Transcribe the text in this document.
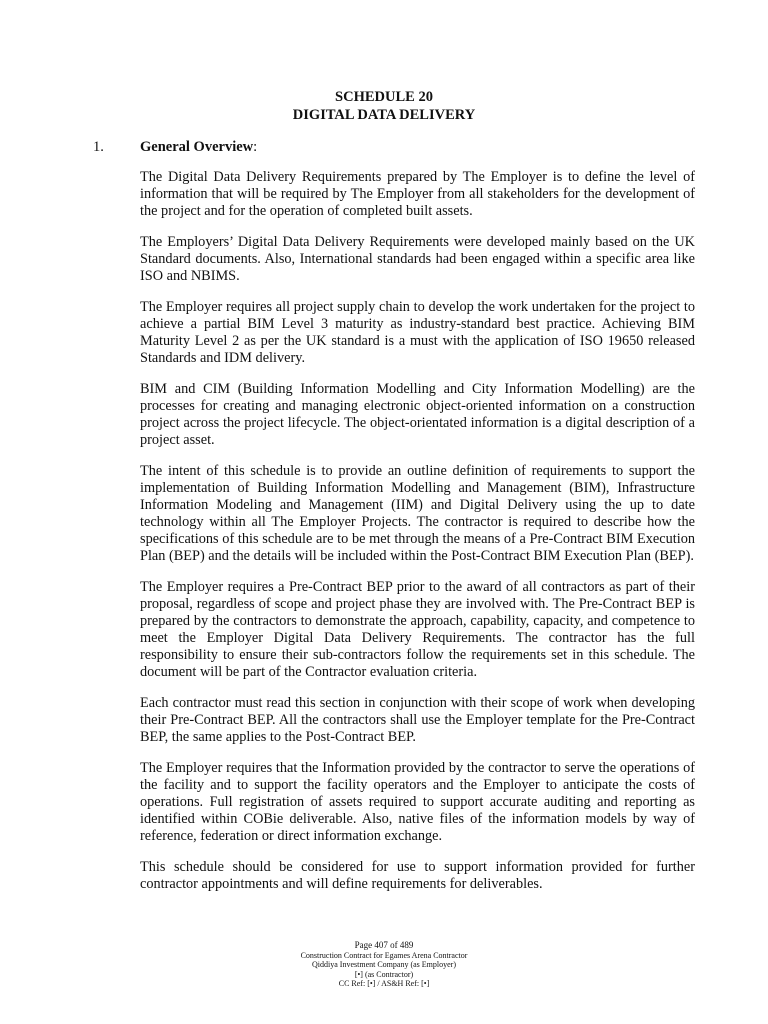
SCHEDULE 20
DIGITAL DATA DELIVERY
1. General Overview:

The Digital Data Delivery Requirements prepared by The Employer is to define the level of information that will be required by The Employer from all stakeholders for the development of the project and for the operation of completed built assets.

The Employers’ Digital Data Delivery Requirements were developed mainly based on the UK Standard documents. Also, International standards had been engaged within a specific area like ISO and NBIMS.

The Employer requires all project supply chain to develop the work undertaken for the project to achieve a partial BIM Level 3 maturity as industry-standard best practice. Achieving BIM Maturity Level 2 as per the UK standard is a must with the application of ISO 19650 released Standards and IDM delivery.

BIM and CIM (Building Information Modelling and City Information Modelling) are the processes for creating and managing electronic object-oriented information on a construction project across the project lifecycle. The object-orientated information is a digital description of a project asset.

The intent of this schedule is to provide an outline definition of requirements to support the implementation of Building Information Modelling and Management (BIM), Infrastructure Information Modeling and Management (IIM) and Digital Delivery using the up to date technology within all The Employer Projects. The contractor is required to describe how the specifications of this schedule are to be met through the means of a Pre-Contract BIM Execution Plan (BEP) and the details will be included within the Post-Contract BIM Execution Plan (BEP).

The Employer requires a Pre-Contract BEP prior to the award of all contractors as part of their proposal, regardless of scope and project phase they are involved with. The Pre-Contract BEP is prepared by the contractors to demonstrate the approach, capability, capacity, and competence to meet the Employer Digital Data Delivery Requirements. The contractor has the full responsibility to ensure their sub-contractors follow the requirements set in this schedule. The document will be part of the Contractor evaluation criteria.

Each contractor must read this section in conjunction with their scope of work when developing their Pre-Contract BEP. All the contractors shall use the Employer template for the Pre-Contract BEP, the same applies to the Post-Contract BEP.

The Employer requires that the Information provided by the contractor to serve the operations of the facility and to support the facility operators and the Employer to anticipate the costs of operations. Full registration of assets required to support accurate auditing and reporting as identified within COBie deliverable. Also, native files of the information models by way of reference, federation or direct information exchange.

This schedule should be considered for use to support information provided for further contractor appointments and will define requirements for deliverables.

Page 407 of 489
Construction Contract for Egames Arena Contractor
Qiddiya Investment Company (as Employer)
[•] (as Contractor)
CC Ref: [•] / AS&H Ref: [•]
